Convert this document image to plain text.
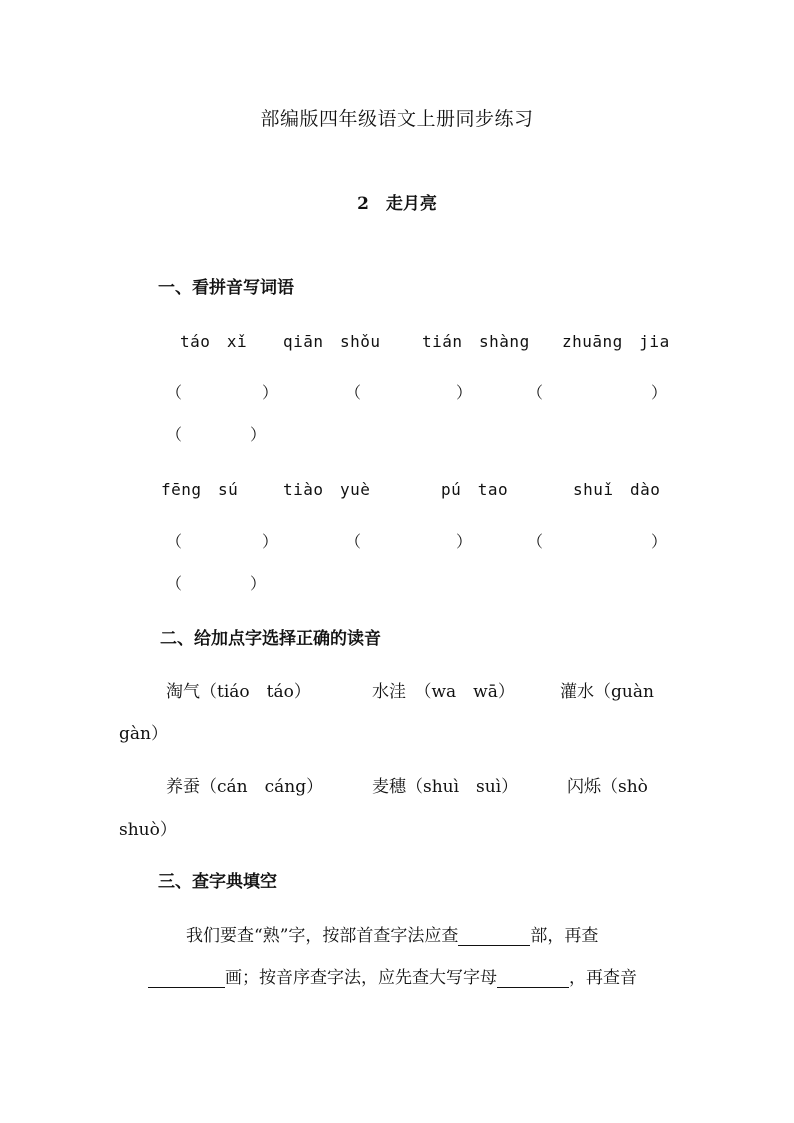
部编版四年级语文上册同步练习
2　走月亮
一、看拼音写词语
táo　xǐ qiān　shǒu	tián　shàng zhuāng　jia
（	）	（	）	（	）
（	）
fēng　sú	tiào　yuè	pú　tao	shuǐ　dào
（	）	（	）	（	）
（	）
二、给加点字选择正确的读音
淘气（tiáo　táo）	水洼　（wa　wā）	灌水（guàn
gàn）
养蚕（cán　cáng）	麦穗（shuì　suì）	闪烁（shò
shuò）
三、查字典填空
我们要查“熟”字，按部首查字法应查	部，再查
画；按音序查字法，应先查大写字母	，再查音
